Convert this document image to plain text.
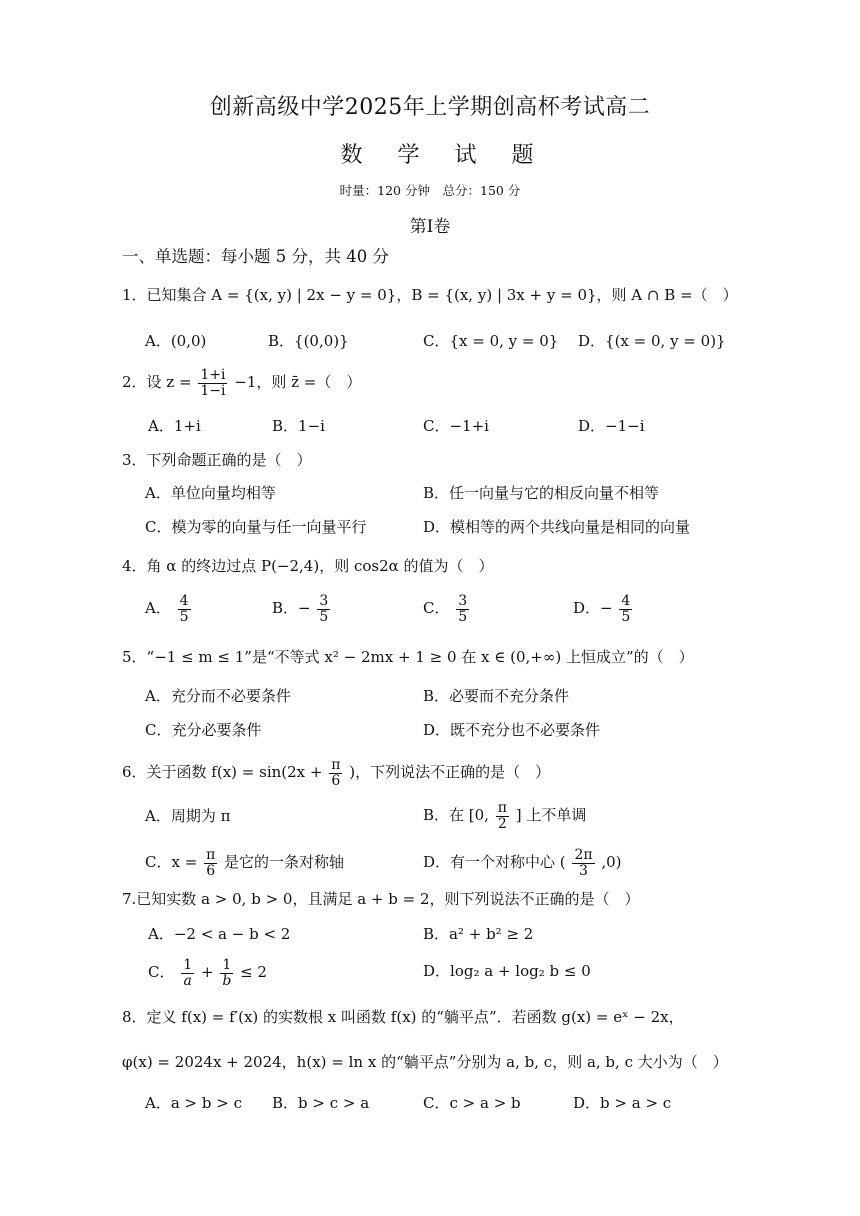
创新高级中学2025年上学期创高杯考试高二
数 学 试 题
时量：120 分钟　总分：150 分
第Ⅰ卷
一、单选题：每小题 5 分，共 40 分
1．已知集合 A = {(x, y) | 2x − y = 0}，B = {(x, y) | 3x + y = 0}，则 A ∩ B =（　）
A．(0,0)	B．{(0,0)}	C．{x = 0, y = 0} D．{(x = 0, y = 0)}
2．设 $z = \frac{1+i}{1-i} -1$，则 z̄ =（　）
A．1+i	B．1−i	C．−1+i	D．−1−i
3．下列命题正确的是（　）
A．单位向量均相等	B．任一向量与它的相反向量不相等
C．模为零的向量与任一向量平行	D．模相等的两个共线向量是相同的向量
4．角 α 的终边过点 P(−2,4)，则 cos2α 的值为（　）
A． $\frac{4}{5}$	B．− $\frac{3}{5}$	C． $\frac{3}{5}$	D．− $\frac{4}{5}$
5．“−1 ≤ m ≤ 1”是“不等式 x² − 2mx + 1 ≥ 0 在 x ∈ (0,+∞) 上恒成立”的（　）
A．充分而不必要条件	B．必要而不充分条件
C．充分必要条件	D．既不充分也不必要条件
6．关于函数 $f(x) = \sin(2x + \frac{\pi}{6}$ )，下列说法不正确的是（　）
A．周期为 π	B．在 [0, $\frac{\pi}{2}$ ] 上不单调
C．$x = \frac{\pi}{6}$ 是它的一条对称轴	D．有一个对称中心 ( $\frac{2\pi}{3} ,0$)
7.已知实数 a > 0, b > 0，且满足 a + b = 2，则下列说法不正确的是（　）
A．−2 < a − b < 2	B．a² + b² ≥ 2
C． $\frac{1}{a} + \frac{1}{b} \le 2$	D．log₂ a + log₂ b ≤ 0
8．定义 f(x) = f′(x) 的实数根 x 叫函数 f(x) 的“躺平点”．若函数 g(x) = eˣ − 2x，
φ(x) = 2024x + 2024，h(x) = ln x 的“躺平点”分别为 a, b, c，则 a, b, c 大小为（　）
A．a > b > c B．b > c > a	C．c > a > b	D．b > a > c
